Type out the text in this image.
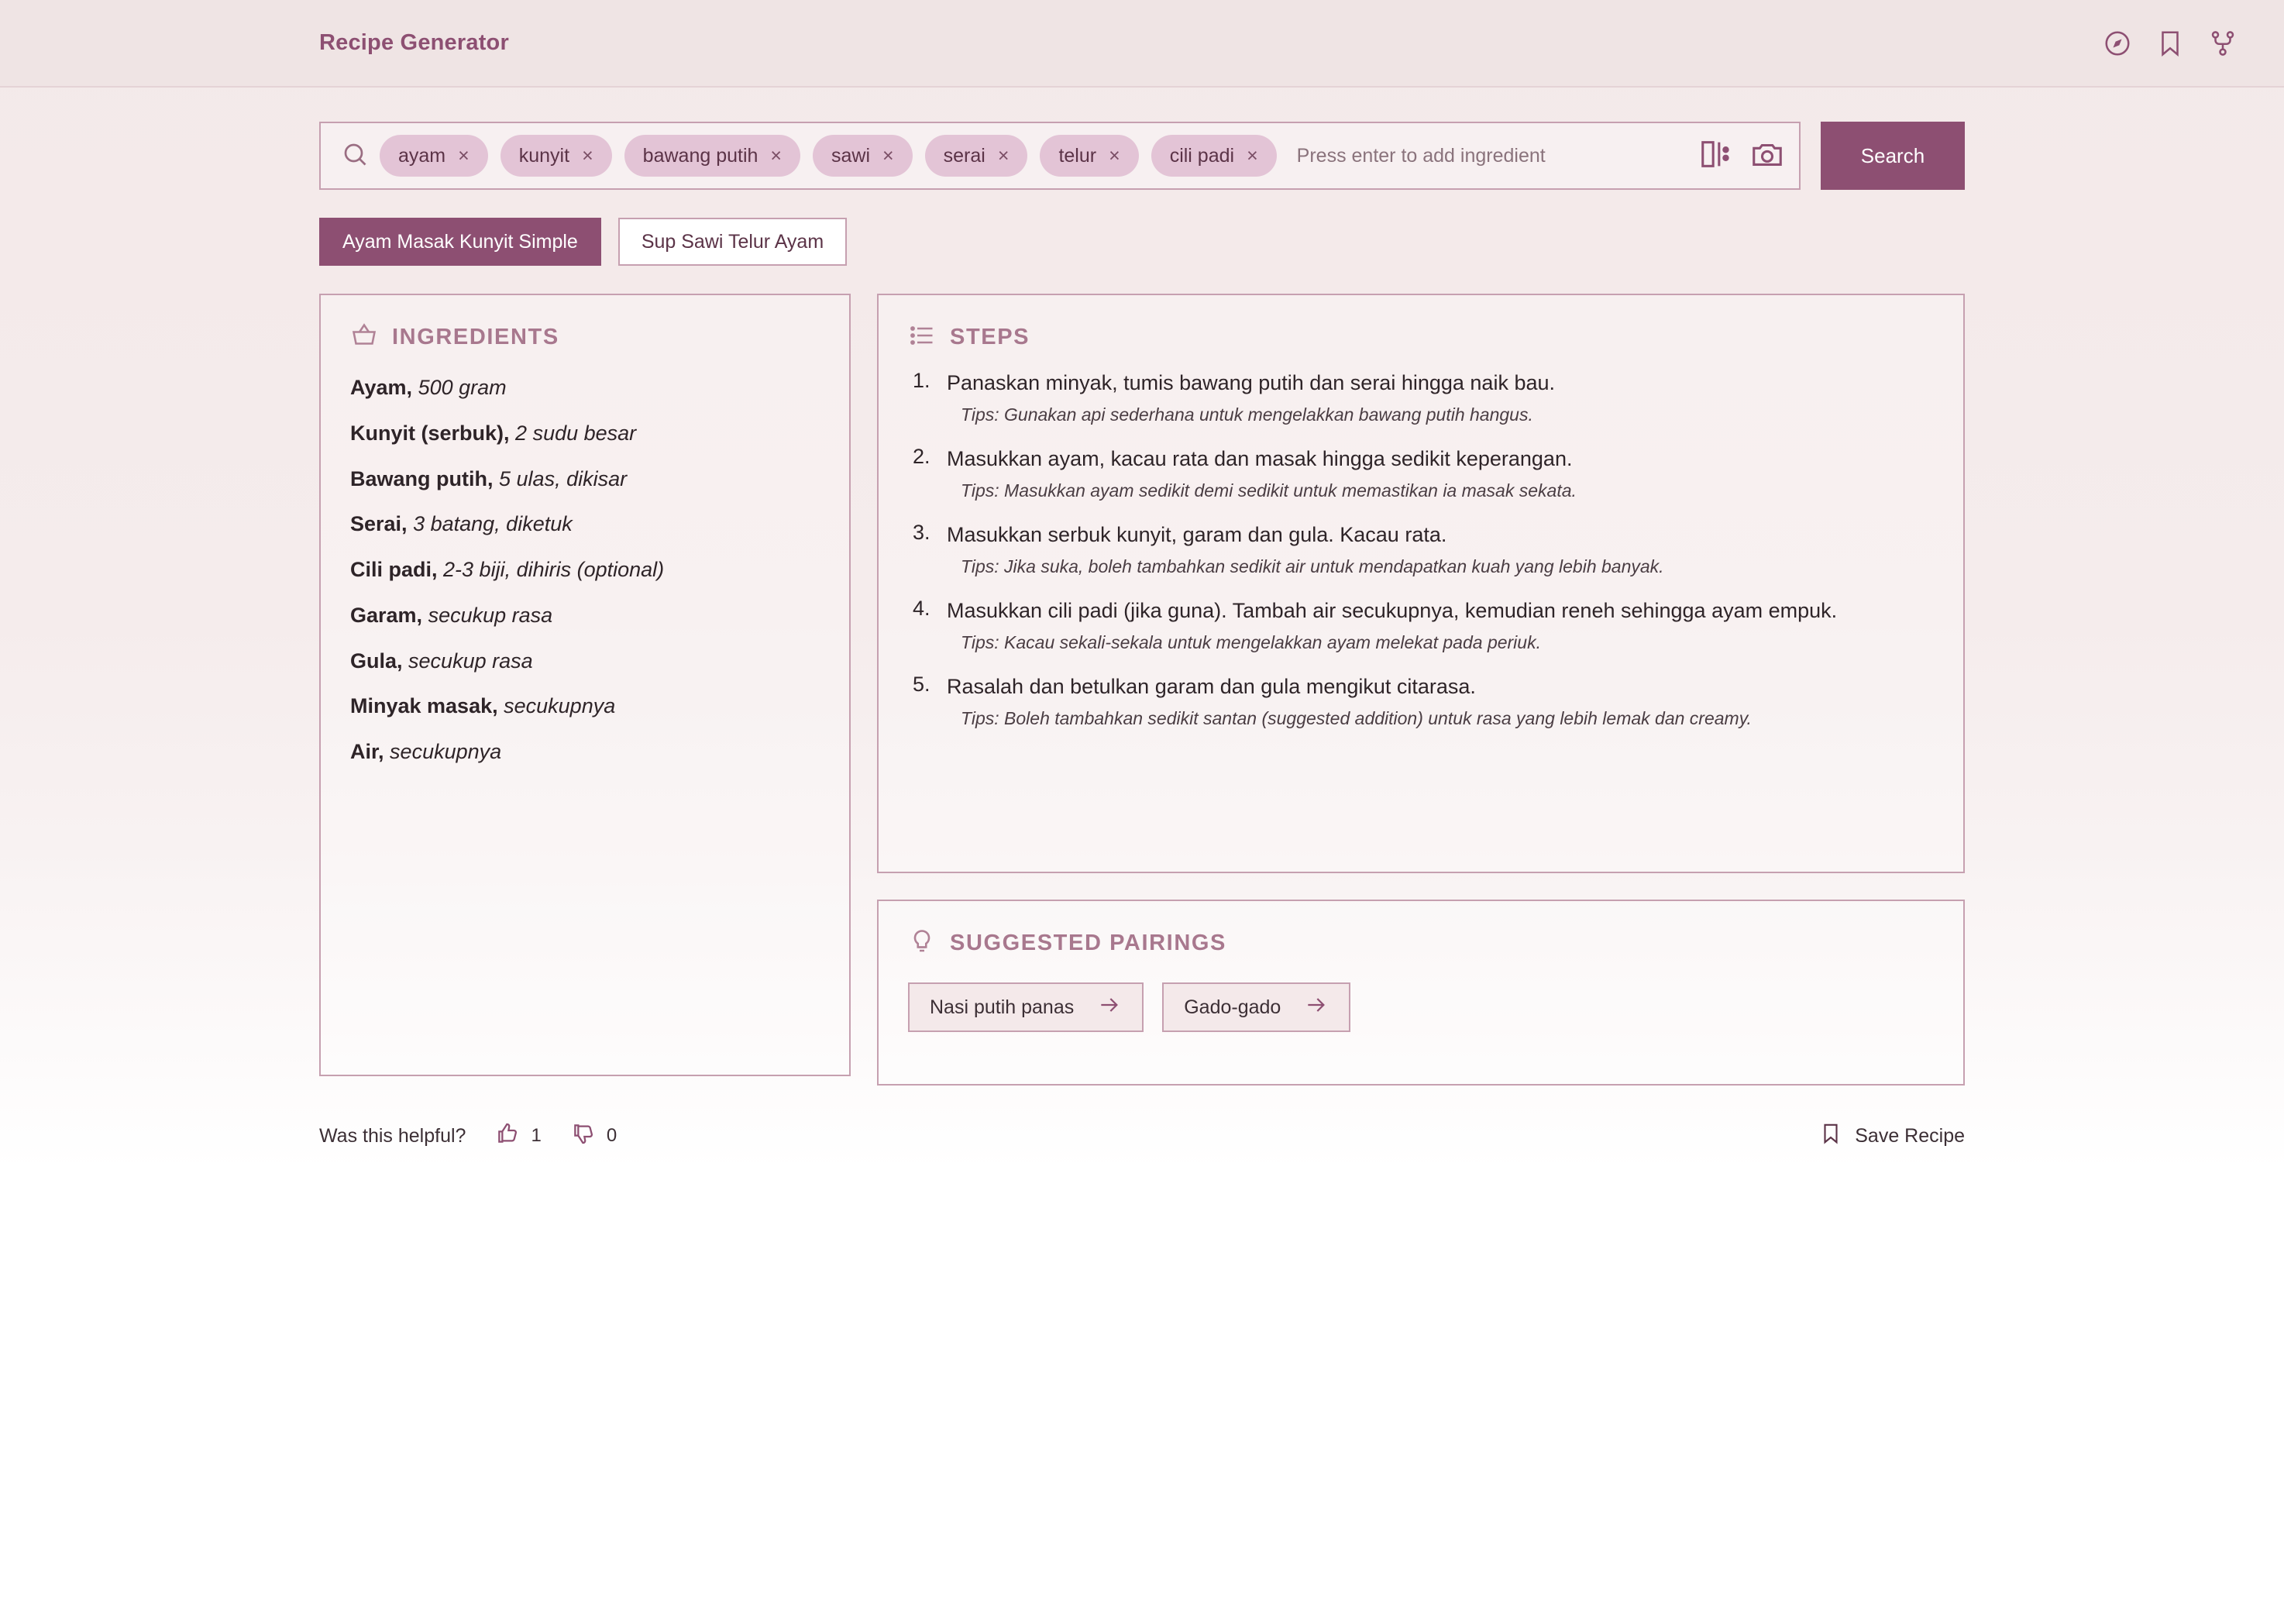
Recipe Generator
ayam ×	kunyit ×	bawang putih ×	sawi ×	serai ×	telur ×	cili padi ×
Press enter to add ingredient	Search
Ayam Masak Kunyit Simple	Sup Sawi Telur Ayam
INGREDIENTS
Ayam, 500 gram
Kunyit (serbuk), 2 sudu besar
Bawang putih, 5 ulas, dikisar
Serai, 3 batang, diketuk
Cili padi, 2-3 biji, dihiris (optional)
Garam, secukup rasa
Gula, secukup rasa
Minyak masak, secukupnya
Air, secukupnya
STEPS
1. Panaskan minyak, tumis bawang putih dan serai hingga naik bau.
Tips: Gunakan api sederhana untuk mengelakkan bawang putih hangus.
2. Masukkan ayam, kacau rata dan masak hingga sedikit keperangan.
Tips: Masukkan ayam sedikit demi sedikit untuk memastikan ia masak sekata.
3. Masukkan serbuk kunyit, garam dan gula. Kacau rata.
Tips: Jika suka, boleh tambahkan sedikit air untuk mendapatkan kuah yang lebih banyak.
4. Masukkan cili padi (jika guna). Tambah air secukupnya, kemudian reneh sehingga ayam empuk.
Tips: Kacau sekali-sekala untuk mengelakkan ayam melekat pada periuk.
5. Rasalah dan betulkan garam dan gula mengikut citarasa.
Tips: Boleh tambahkan sedikit santan (suggested addition) untuk rasa yang lebih lemak dan creamy.
SUGGESTED PAIRINGS
Nasi putih panas	Gado-gado
Was this helpful?	1	0	Save Recipe
